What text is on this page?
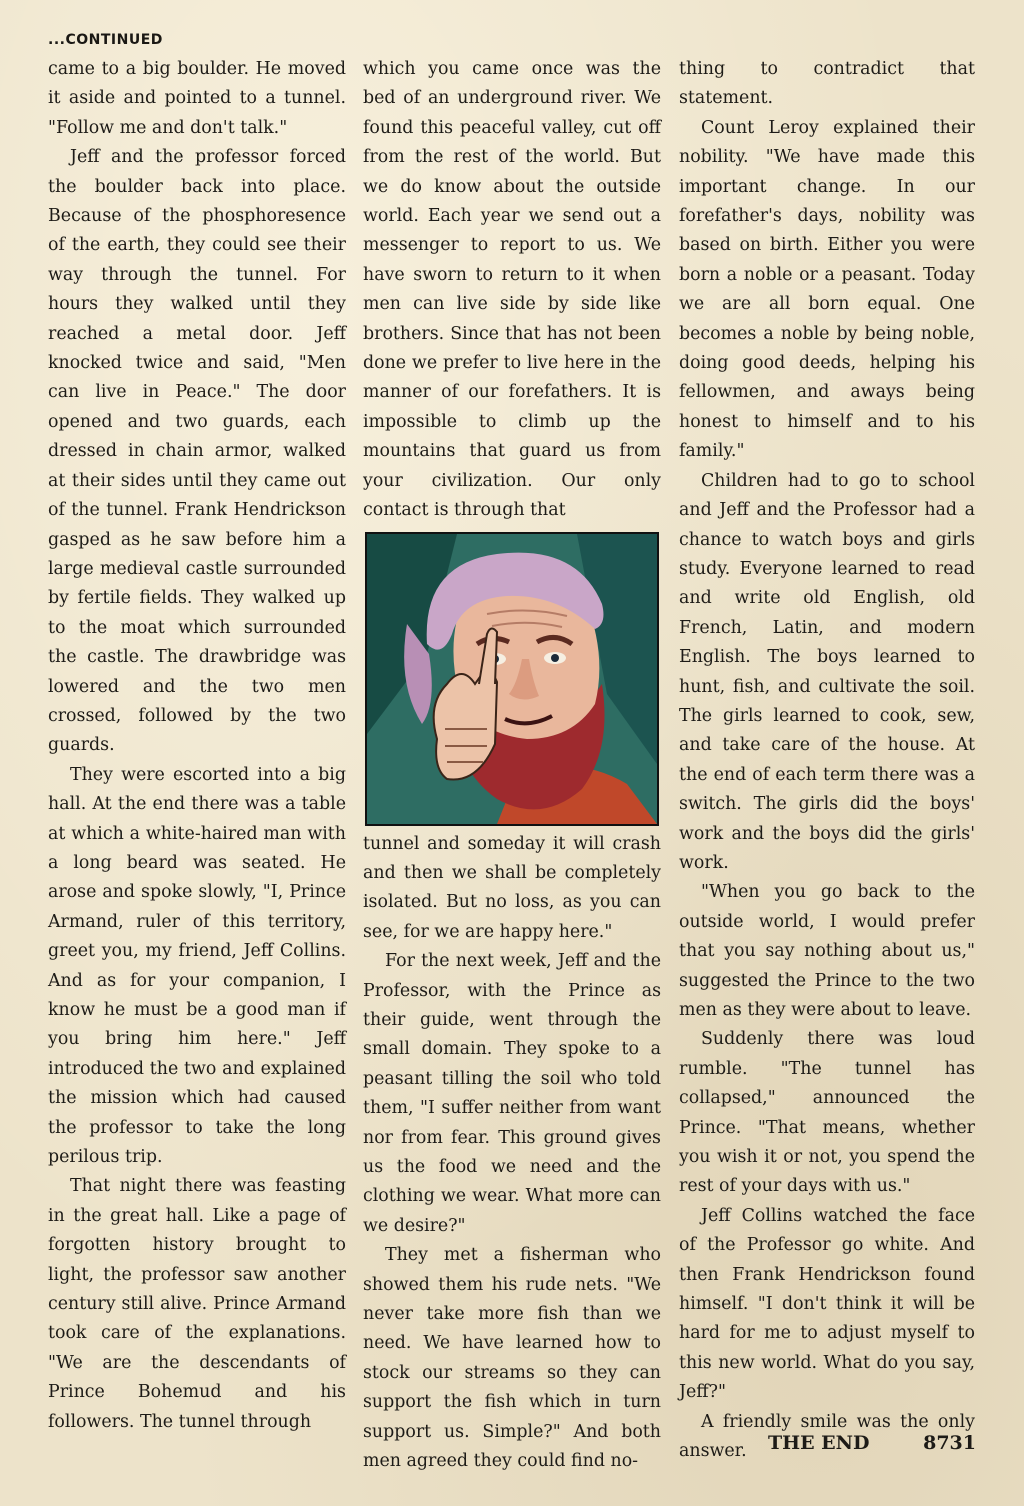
...CONTINUED

came to a big boulder. He moved it aside and pointed to a tunnel. "Follow me and don't talk."

Jeff and the professor forced the boulder back into place. Because of the phosphoresence of the earth, they could see their way through the tunnel. For hours they walked until they reached a metal door. Jeff knocked twice and said, "Men can live in Peace." The door opened and two guards, each dressed in chain armor, walked at their sides until they came out of the tunnel. Frank Hendrickson gasped as he saw before him a large medieval castle surrounded by fertile fields. They walked up to the moat which surrounded the castle. The drawbridge was lowered and the two men crossed, followed by the two guards.

They were escorted into a big hall. At the end there was a table at which a white-haired man with a long beard was seated. He arose and spoke slowly, "I, Prince Armand, ruler of this territory, greet you, my friend, Jeff Collins. And as for your companion, I know he must be a good man if you bring him here." Jeff introduced the two and explained the mission which had caused the professor to take the long perilous trip.

That night there was feasting in the great hall. Like a page of forgotten history brought to light, the professor saw another century still alive. Prince Armand took care of the explanations. "We are the descendants of Prince Bohemud and his followers. The tunnel through

which you came once was the bed of an underground river. We found this peaceful valley, cut off from the rest of the world. But we do know about the outside world. Each year we send out a messenger to report to us. We have sworn to return to it when men can live side by side like brothers. Since that has not been done we prefer to live here in the manner of our forefathers. It is impossible to climb up the mountains that guard us from your civilization. Our only contact is through that

tunnel and someday it will crash and then we shall be completely isolated. But no loss, as you can see, for we are happy here."

For the next week, Jeff and the Professor, with the Prince as their guide, went through the small domain. They spoke to a peasant tilling the soil who told them, "I suffer neither from want nor from fear. This ground gives us the food we need and the clothing we wear. What more can we desire?"

They met a fisherman who showed them his rude nets. "We never take more fish than we need. We have learned how to stock our streams so they can support the fish which in turn support us. Simple?" And both men agreed they could find no-

thing to contradict that statement.

Count Leroy explained their nobility. "We have made this important change. In our forefather's days, nobility was based on birth. Either you were born a noble or a peasant. Today we are all born equal. One becomes a noble by being noble, doing good deeds, helping his fellowmen, and aways being honest to himself and to his family."

Children had to go to school and Jeff and the Professor had a chance to watch boys and girls study. Everyone learned to read and write old English, old French, Latin, and modern English. The boys learned to hunt, fish, and cultivate the soil. The girls learned to cook, sew, and take care of the house. At the end of each term there was a switch. The girls did the boys' work and the boys did the girls' work.

"When you go back to the outside world, I would prefer that you say nothing about us," suggested the Prince to the two men as they were about to leave.

Suddenly there was loud rumble. "The tunnel has collapsed," announced the Prince. "That means, whether you wish it or not, you spend the rest of your days with us."

Jeff Collins watched the face of the Professor go white. And then Frank Hendrickson found himself. "I don't think it will be hard for me to adjust myself to this new world. What do you say, Jeff?"

A friendly smile was the only answer.	THE END	8731
